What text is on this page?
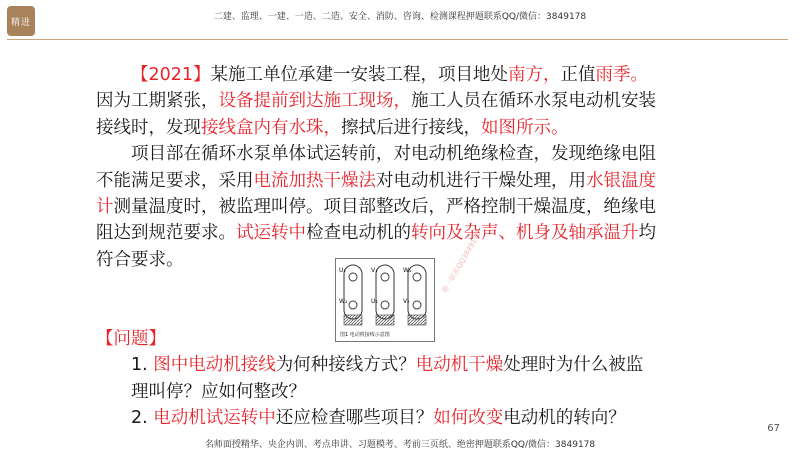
精进
二建、监理、一建、一造、二造、安全、消防、咨询、检测课程押题联系QQ/微信：3849178

【2021】某施工单位承建一安装工程，项目地处南方，正值雨季。因为工期紧张，设备提前到达施工现场，施工人员在循环水泵电动机安装接线时，发现接线盒内有水珠，擦拭后进行接线，如图所示。

项目部在循环水泵单体试运转前，对电动机绝缘检查，发现绝缘电阻不能满足要求，采用电流加热干燥法对电动机进行干燥处理，用水银温度计测量温度时，被监理叫停。项目部整改后，严格控制干燥温度，绝缘电阻达到规范要求。试运转中检查电动机的转向及杂声、机身及轴承温升均符合要求。

U₁	V₁	W₁
W₂	U₂	V₂
图1 电动机接线示意图
唯一联系QQ3849178

【问题】

1. 图中电动机接线为何种接线方式？电动机干燥处理时为什么被监理叫停？应如何整改？

2. 电动机试运转中还应检查哪些项目？如何改变电动机的转向？

67
名师面授精华、央企内训、考点串讲、习题模考、考前三页纸、绝密押题联系QQ/微信：3849178
